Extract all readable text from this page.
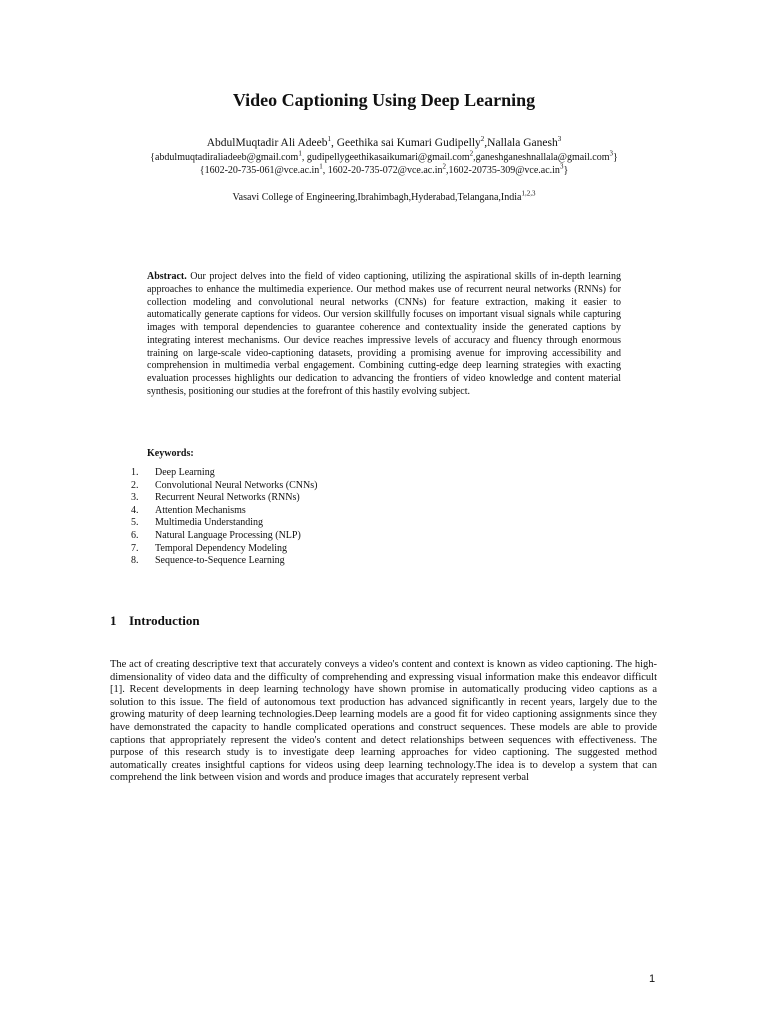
Video Captioning Using Deep Learning
AbdulMuqtadir Ali Adeeb$^1$, Geethika sai Kumari Gudipelly$^2$,Nallala Ganesh$^3$
{abdulmuqtadiraliadeeb@gmail.com$^1$, gudipellygeethikasaikumari@gmail.com$^2$,ganeshganeshnallala@gmail.com$^3$}
{$1602-20-735-061@vce.ac.in^1$, $1602-20-735-072@vce.ac.in^2,1602-20735-309@vce.ac.in^3$}
Vasavi College of Engineering,Ibrahimbagh,Hyderabad,Telangana,India$^{1,2,3}$
Abstract. Our project delves into the field of video captioning, utilizing the aspirational skills of in-depth learning approaches to enhance the multimedia experience. Our method makes use of recurrent neural networks (RNNs) for collection modeling and convolutional neural networks (CNNs) for feature extraction, making it easier to automatically generate captions for videos. Our version skillfully focuses on important visual signals while capturing images with temporal dependencies to guarantee coherence and contextuality inside the generated captions by integrating interest mechanisms. Our device reaches impressive levels of accuracy and fluency through enormous training on large-scale video-captioning datasets, providing a promising avenue for improving accessibility and comprehension in multimedia verbal engagement. Combining cutting-edge deep learning strategies with exacting evaluation processes highlights our dedication to advancing the frontiers of video knowledge and content material synthesis, positioning our studies at the forefront of this hastily evolving subject.
Keywords:
1. Deep Learning
2. Convolutional Neural Networks (CNNs)
3. Recurrent Neural Networks (RNNs)
4. Attention Mechanisms
5. Multimedia Understanding
6. Natural Language Processing (NLP)
7. Temporal Dependency Modeling
8. Sequence-to-Sequence Learning
1 Introduction
The act of creating descriptive text that accurately conveys a video's content and context is known as video captioning. The high-dimensionality of video data and the difficulty of comprehending and expressing visual information make this endeavor difficult [1]. Recent developments in deep learning technology have shown promise in automatically producing video captions as a solution to this issue. The field of autonomous text production has advanced significantly in recent years, largely due to the growing maturity of deep learning technologies.Deep learning models are a good fit for video captioning assignments since they have demonstrated the capacity to handle complicated operations and construct sequences. These models are able to provide captions that appropriately represent the video's content and detect relationships between sequences with effectiveness. The purpose of this research study is to investigate deep learning approaches for video captioning. The suggested method automatically creates insightful captions for videos using deep learning technology.The idea is to develop a system that can comprehend the link between vision and words and produce images that accurately represent verbal
1
